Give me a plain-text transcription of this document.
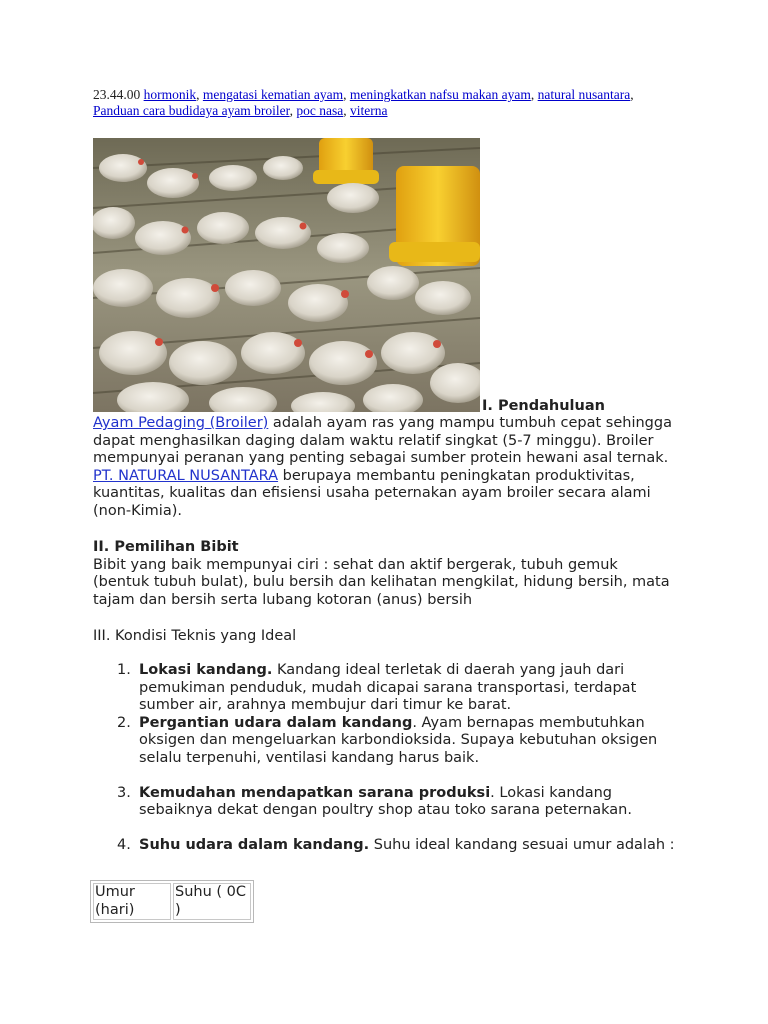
23.44.00 hormonik, mengatasi kematian ayam, meningkatkan nafsu makan ayam, natural nusantara, Panduan cara budidaya ayam broiler, poc nasa, viterna
I. Pendahuluan
Ayam Pedaging (Broiler) adalah ayam ras yang mampu tumbuh cepat sehingga dapat menghasilkan daging dalam waktu relatif singkat (5-7 minggu). Broiler mempunyai peranan yang penting sebagai sumber protein hewani asal ternak. PT. NATURAL NUSANTARA berupaya membantu peningkatan produktivitas, kuantitas, kualitas dan efisiensi usaha peternakan ayam broiler secara alami (non-Kimia).
II. Pemilihan Bibit
Bibit yang baik mempunyai ciri : sehat dan aktif bergerak, tubuh gemuk (bentuk tubuh bulat), bulu bersih dan kelihatan mengkilat, hidung bersih, mata tajam dan bersih serta lubang kotoran (anus) bersih
III. Kondisi Teknis yang Ideal
1. Lokasi kandang. Kandang ideal terletak di daerah yang jauh dari pemukiman penduduk, mudah dicapai sarana transportasi, terdapat sumber air, arahnya membujur dari timur ke barat.
2. Pergantian udara dalam kandang. Ayam bernapas membutuhkan oksigen dan mengeluarkan karbondioksida. Supaya kebutuhan oksigen selalu terpenuhi, ventilasi kandang harus baik.
3. Kemudahan mendapatkan sarana produksi. Lokasi kandang sebaiknya dekat dengan poultry shop atau toko sarana peternakan.
4. Suhu udara dalam kandang. Suhu ideal kandang sesuai umur adalah :
Umur (hari)	Suhu ( 0C )
